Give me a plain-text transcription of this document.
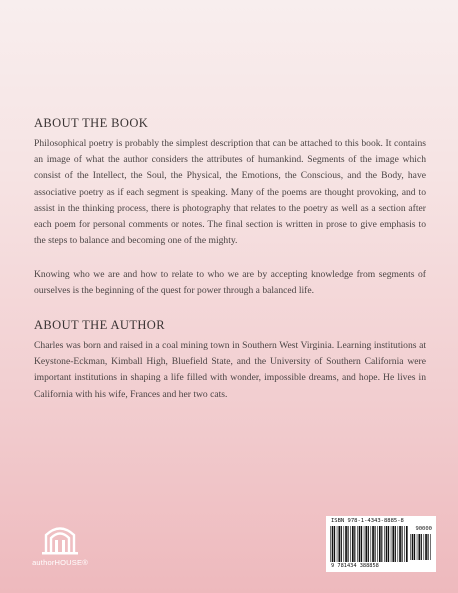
ABOUT THE BOOK

Philosophical poetry is probably the simplest description that can be attached to this book. It contains an image of what the author considers the attributes of humankind. Segments of the image which consist of the Intellect, the Soul, the Physical, the Emotions, the Conscious, and the Body, have associative poetry as if each segment is speaking. Many of the poems are thought provoking, and to assist in the thinking process, there is photography that relates to the poetry as well as a section after each poem for personal comments or notes. The final section is written in prose to give emphasis to the steps to balance and becoming one of the mighty.

Knowing who we are and how to relate to who we are by accepting knowledge from segments of ourselves is the beginning of the quest for power through a balanced life.

ABOUT THE AUTHOR

Charles was born and raised in a coal mining town in Southern West Virginia. Learning institutions at Keystone-Eckman, Kimball High, Bluefield State, and the University of Southern California were important institutions in shaping a life filled with wonder, impossible dreams, and hope. He lives in California with his wife, Frances and her two cats.

authorHOUSE®
ISBN 978-1-4343-8885-8
90000
9 781434 388858
